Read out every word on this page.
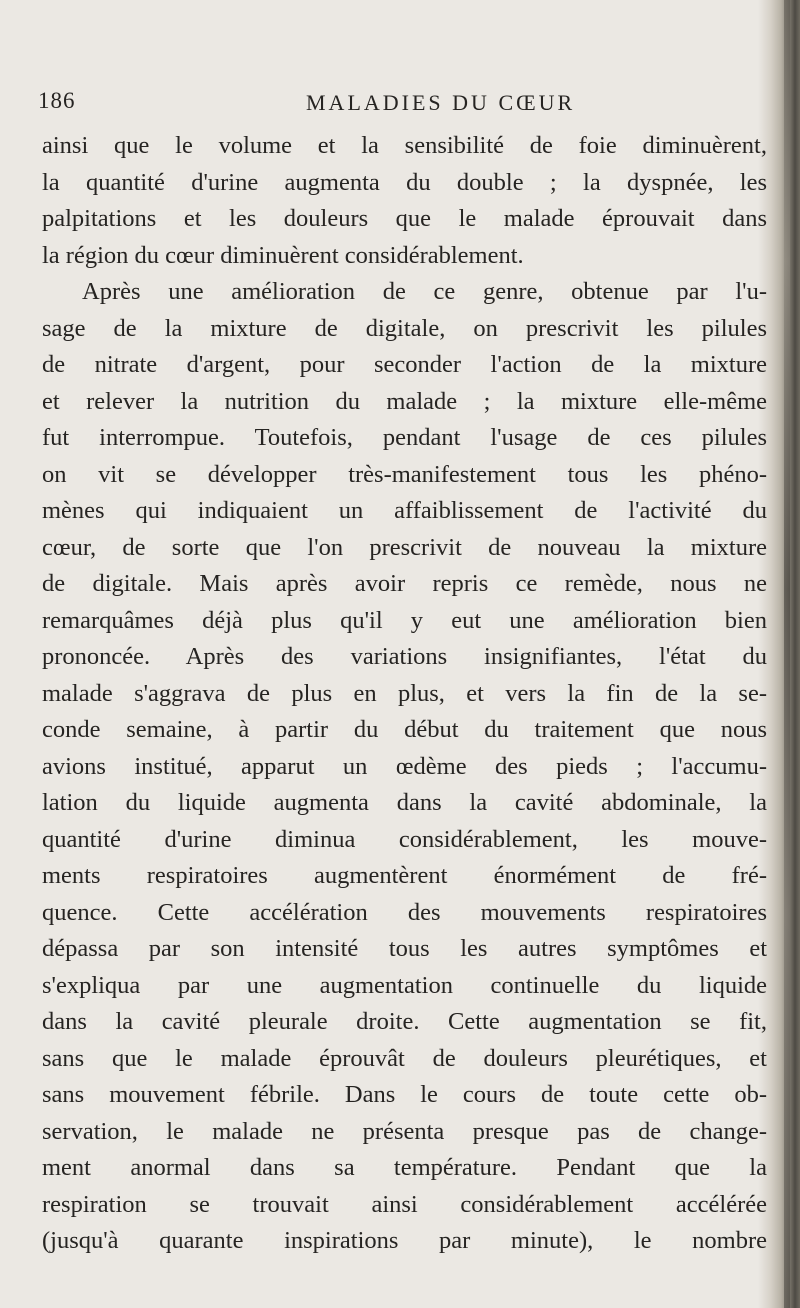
186	MALADIES DU CŒUR
ainsi que le volume et la sensibilité de foie diminuèrent,
la quantité d'urine augmenta du double ; la dyspnée, les
palpitations et les douleurs que le malade éprouvait dans
la région du cœur diminuèrent considérablement.
Après une amélioration de ce genre, obtenue par l'u-
sage de la mixture de digitale, on prescrivit les pilules
de nitrate d'argent, pour seconder l'action de la mixture
et relever la nutrition du malade ; la mixture elle-même
fut interrompue. Toutefois, pendant l'usage de ces pilules
on vit se développer très-manifestement tous les phéno-
mènes qui indiquaient un affaiblissement de l'activité du
cœur, de sorte que l'on prescrivit de nouveau la mixture
de digitale. Mais après avoir repris ce remède, nous ne
remarquâmes déjà plus qu'il y eut une amélioration bien
prononcée. Après des variations insignifiantes, l'état du
malade s'aggrava de plus en plus, et vers la fin de la se-
conde semaine, à partir du début du traitement que nous
avions institué, apparut un œdème des pieds ; l'accumu-
lation du liquide augmenta dans la cavité abdominale, la
quantité d'urine diminua considérablement, les mouve-
ments respiratoires augmentèrent énormément de fré-
quence. Cette accélération des mouvements respiratoires
dépassa par son intensité tous les autres symptômes et
s'expliqua par une augmentation continuelle du liquide
dans la cavité pleurale droite. Cette augmentation se fit,
sans que le malade éprouvât de douleurs pleurétiques, et
sans mouvement fébrile. Dans le cours de toute cette ob-
servation, le malade ne présenta presque pas de change-
ment anormal dans sa température. Pendant que la
respiration se trouvait ainsi considérablement accélérée
(jusqu'à quarante inspirations par minute), le nombre
